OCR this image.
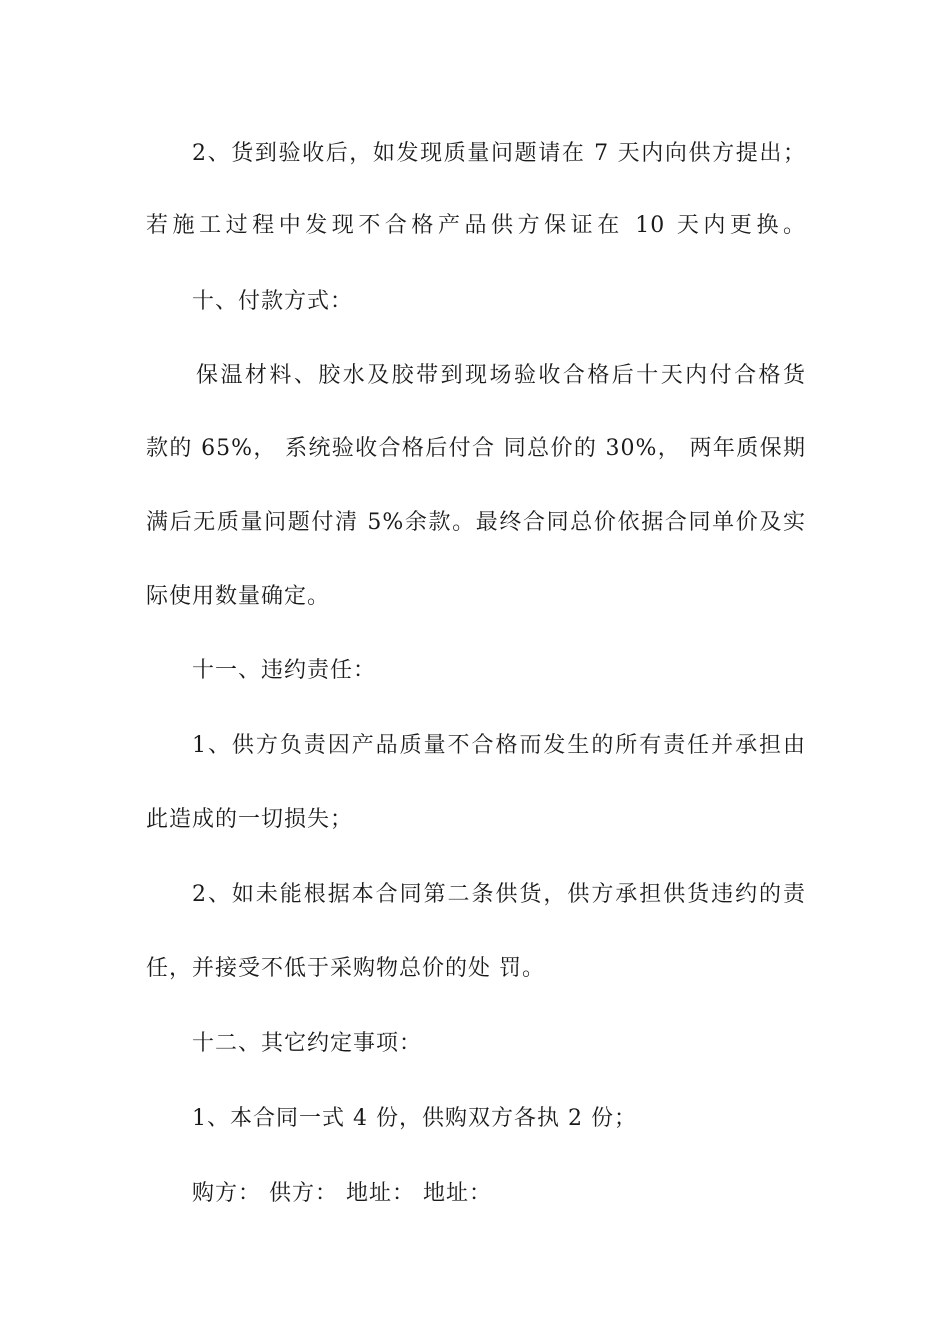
2、货到验收后，如发现质量问题请在 7 天内向供方提出；
若施工过程中发现不合格产品供方保证在 10 天内更换。
十、付款方式：
保温材料、胶水及胶带到现场验收合格后十天内付合格货
款的 65%， 系统验收合格后付合 同总价的 30%， 两年质保期
满后无质量问题付清 5%余款。最终合同总价依据合同单价及实
际使用数量确定。
十一、违约责任：
1、供方负责因产品质量不合格而发生的所有责任并承担由
此造成的一切损失；
2、如未能根据本合同第二条供货，供方承担供货违约的责
任，并接受不低于采购物总价的处 罚。
十二、其它约定事项：
1、本合同一式 4 份，供购双方各执 2 份；
购方： 供方： 地址： 地址：
